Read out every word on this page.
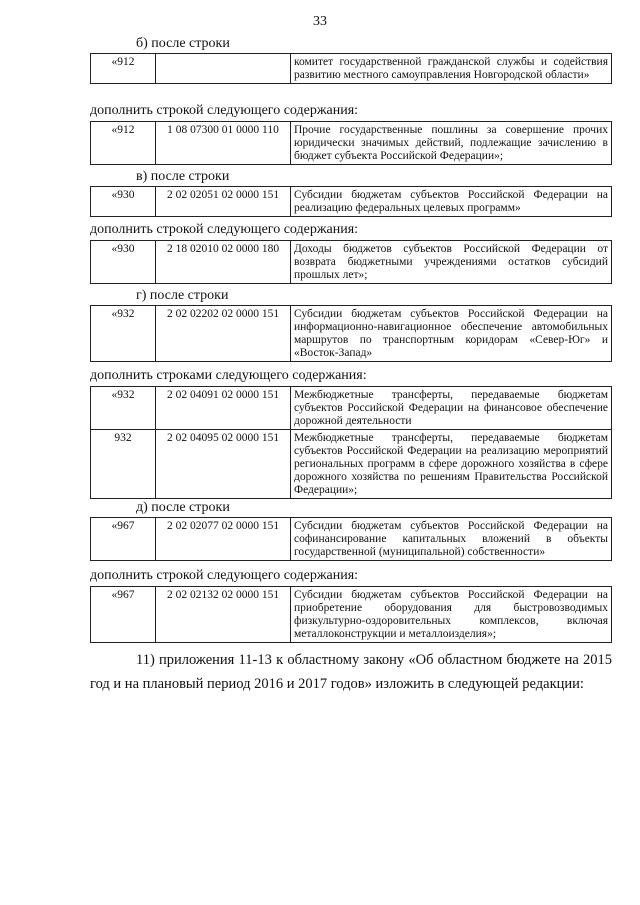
33
б) после строки
«912		комитет государственной гражданской службы и содействия развитию местного самоуправления Новгородской области»
дополнить строкой следующего содержания:
«912	1 08 07300 01 0000 110	Прочие государственные пошлины за совершение прочих юридически значимых действий, подлежащие зачислению в бюджет субъекта Российской Федерации»;
в) после строки
«930	2 02 02051 02 0000 151	Субсидии бюджетам субъектов Российской Федерации на реализацию федеральных целевых программ»
дополнить строкой следующего содержания:
«930	2 18 02010 02 0000 180	Доходы бюджетов субъектов Российской Федерации от возврата бюджетными учреждениями остатков субсидий прошлых лет»;
г) после строки
«932	2 02 02202 02 0000 151	Субсидии бюджетам субъектов Российской Федерации на информационно-навигационное обеспечение автомобильных маршрутов по транспортным коридорам «Север-Юг» и «Восток-Запад»
дополнить строками следующего содержания:
«932	2 02 04091 02 0000 151	Межбюджетные трансферты, передаваемые бюджетам субъектов Российской Федерации на финансовое обеспечение дорожной деятельности
932	2 02 04095 02 0000 151	Межбюджетные трансферты, передаваемые бюджетам субъектов Российской Федерации на реализацию мероприятий региональных программ в сфере дорожного хозяйства в сфере дорожного хозяйства по решениям Правительства Российской Федерации»;
д) после строки
«967	2 02 02077 02 0000 151	Субсидии бюджетам субъектов Российской Федерации на софинансирование капитальных вложений в объекты государственной (муниципальной) собственности»
дополнить строкой следующего содержания:
«967	2 02 02132 02 0000 151	Субсидии бюджетам субъектов Российской Федерации на приобретение оборудования для быстровозводимых физкультурно-оздоровительных комплексов, включая металлоконструкции и металлоизделия»;
11) приложения 11-13 к областному закону «Об областном бюджете на 2015 год и на плановый период 2016 и 2017 годов» изложить в следующей редакции:
